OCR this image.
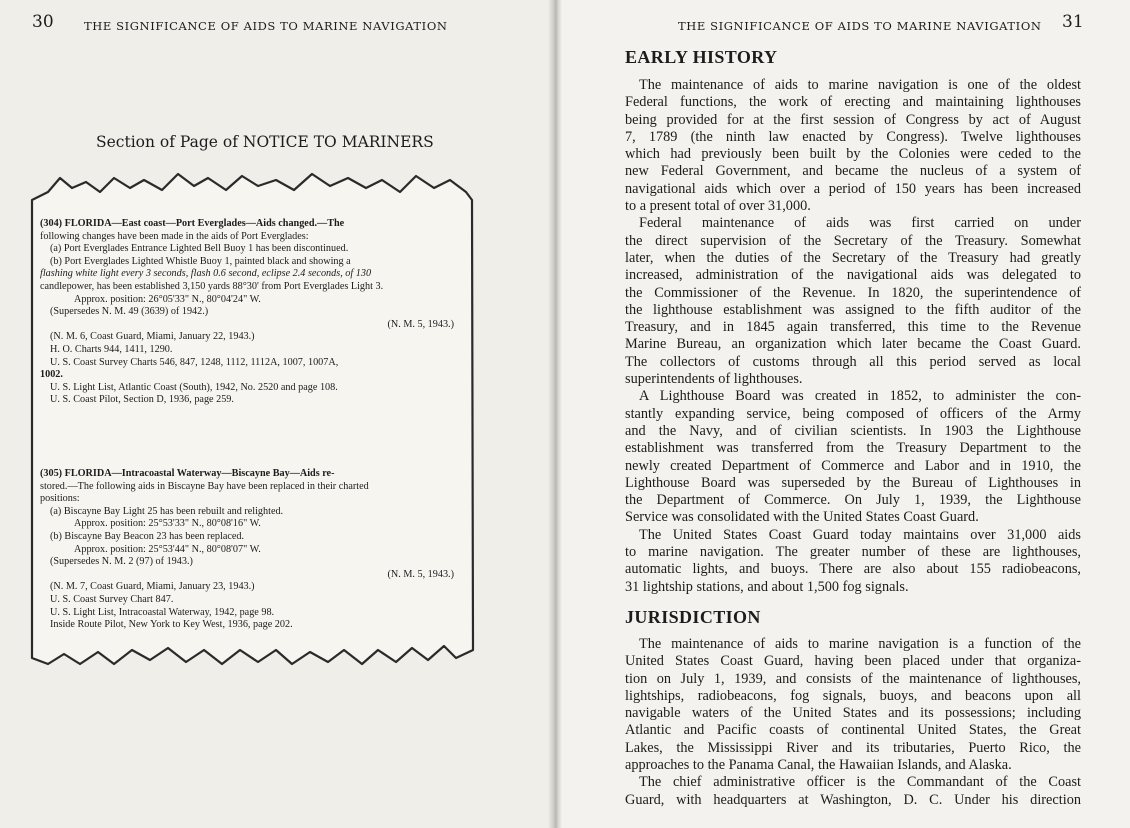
30	THE SIGNIFICANCE OF AIDS TO MARINE NAVIGATION
Section of Page of NOTICE TO MARINERS
(304) FLORIDA—East coast—Port Everglades—Aids changed.—The
following changes have been made in the aids of Port Everglades:
(a) Port Everglades Entrance Lighted Bell Buoy 1 has been discontinued.
(b) Port Everglades Lighted Whistle Buoy 1, painted black and showing a
flashing white light every 3 seconds, flash 0.6 second, eclipse 2.4 seconds, of 130
candlepower, has been established 3,150 yards 88°30' from Port Everglades Light 3.
Approx. position: 26°05'33" N., 80°04'24" W.
(Supersedes N. M. 49 (3639) of 1942.)
(N. M. 5, 1943.)
(N. M. 6, Coast Guard, Miami, January 22, 1943.)
H. O. Charts 944, 1411, 1290.
U. S. Coast Survey Charts 546, 847, 1248, 1112, 1112A, 1007, 1007A,
1002.
U. S. Light List, Atlantic Coast (South), 1942, No. 2520 and page 108.
U. S. Coast Pilot, Section D, 1936, page 259.
(305) FLORIDA—Intracoastal Waterway—Biscayne Bay—Aids re-
stored.—The following aids in Biscayne Bay have been replaced in their charted
positions:
(a) Biscayne Bay Light 25 has been rebuilt and relighted.
Approx. position: 25°53'33" N., 80°08'16" W.
(b) Biscayne Bay Beacon 23 has been replaced.
Approx. position: 25°53'44" N., 80°08'07" W.
(Supersedes N. M. 2 (97) of 1943.)
(N. M. 5, 1943.)
(N. M. 7, Coast Guard, Miami, January 23, 1943.)
U. S. Coast Survey Chart 847.
U. S. Light List, Intracoastal Waterway, 1942, page 98.
Inside Route Pilot, New York to Key West, 1936, page 202.
THE SIGNIFICANCE OF AIDS TO MARINE NAVIGATION 31
EARLY HISTORY
The maintenance of aids to marine navigation is one of the oldest
Federal functions, the work of erecting and maintaining lighthouses
being provided for at the first session of Congress by act of August
7, 1789 (the ninth law enacted by Congress). Twelve lighthouses
which had previously been built by the Colonies were ceded to the
new Federal Government, and became the nucleus of a system of
navigational aids which over a period of 150 years has been increased
to a present total of over 31,000.
Federal maintenance of aids was first carried on under
the direct supervision of the Secretary of the Treasury. Somewhat
later, when the duties of the Secretary of the Treasury had greatly
increased, administration of the navigational aids was delegated to
the Commissioner of the Revenue. In 1820, the superintendence of
the lighthouse establishment was assigned to the fifth auditor of the
Treasury, and in 1845 again transferred, this time to the Revenue
Marine Bureau, an organization which later became the Coast Guard.
The collectors of customs through all this period served as local
superintendents of lighthouses.
A Lighthouse Board was created in 1852, to administer the con-
stantly expanding service, being composed of officers of the Army
and the Navy, and of civilian scientists. In 1903 the Lighthouse
establishment was transferred from the Treasury Department to the
newly created Department of Commerce and Labor and in 1910, the
Lighthouse Board was superseded by the Bureau of Lighthouses in
the Department of Commerce. On July 1, 1939, the Lighthouse
Service was consolidated with the United States Coast Guard.
The United States Coast Guard today maintains over 31,000 aids
to marine navigation. The greater number of these are lighthouses,
automatic lights, and buoys. There are also about 155 radiobeacons,
31 lightship stations, and about 1,500 fog signals.
JURISDICTION
The maintenance of aids to marine navigation is a function of the
United States Coast Guard, having been placed under that organiza-
tion on July 1, 1939, and consists of the maintenance of lighthouses,
lightships, radiobeacons, fog signals, buoys, and beacons upon all
navigable waters of the United States and its possessions; including
Atlantic and Pacific coasts of continental United States, the Great
Lakes, the Mississippi River and its tributaries, Puerto Rico, the
approaches to the Panama Canal, the Hawaiian Islands, and Alaska.
The chief administrative officer is the Commandant of the Coast
Guard, with headquarters at Washington, D. C. Under his direction
